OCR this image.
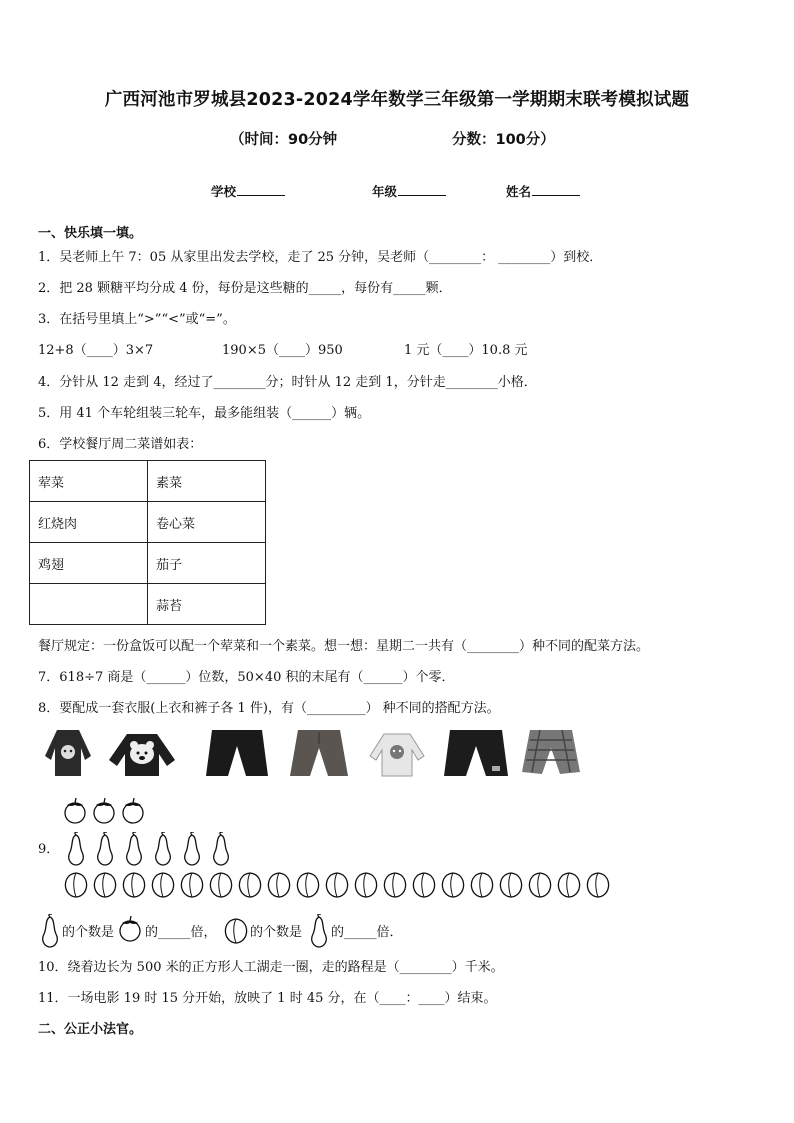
广西河池市罗城县2023-2024学年数学三年级第一学期期末联考模拟试题
（时间：90分钟	分数：100分）
学校	年级	姓名
一、快乐填一填。
1．吴老师上午 7：05 从家里出发去学校，走了 25 分钟，吴老师（________： ________）到校．
2．把 28 颗糖平均分成 4 份，每份是这些糖的_____，每份有_____颗．
3．在括号里填上“>”“<”或“=”。
12+8（____）3×7	190×5（____）950	1 元（____）10.8 元
4．分针从 12 走到 4，经过了________分；时针从 12 走到 1，分针走________小格．
5．用 41 个车轮组装三轮车，最多能组装（______）辆。
6．学校餐厅周二菜谱如表：
荤菜	素菜
红烧肉	卷心菜
鸡翅	茄子
	蒜苔
餐厅规定：一份盒饭可以配一个荤菜和一个素菜。想一想：星期二一共有（________）种不同的配菜方法。
7．618÷7 商是（______）位数，50×40 积的末尾有（______）个零．
8．要配成一套衣服(上衣和裤子各 1 件)，有（_________） 种不同的搭配方法。
9．
的个数是 的_____倍，	的个数是 的_____倍．
10．绕着边长为 500 米的正方形人工湖走一圈，走的路程是（________）千米。
11．一场电影 19 时 15 分开始，放映了 1 时 45 分，在（____：____）结束。
二、公正小法官。
